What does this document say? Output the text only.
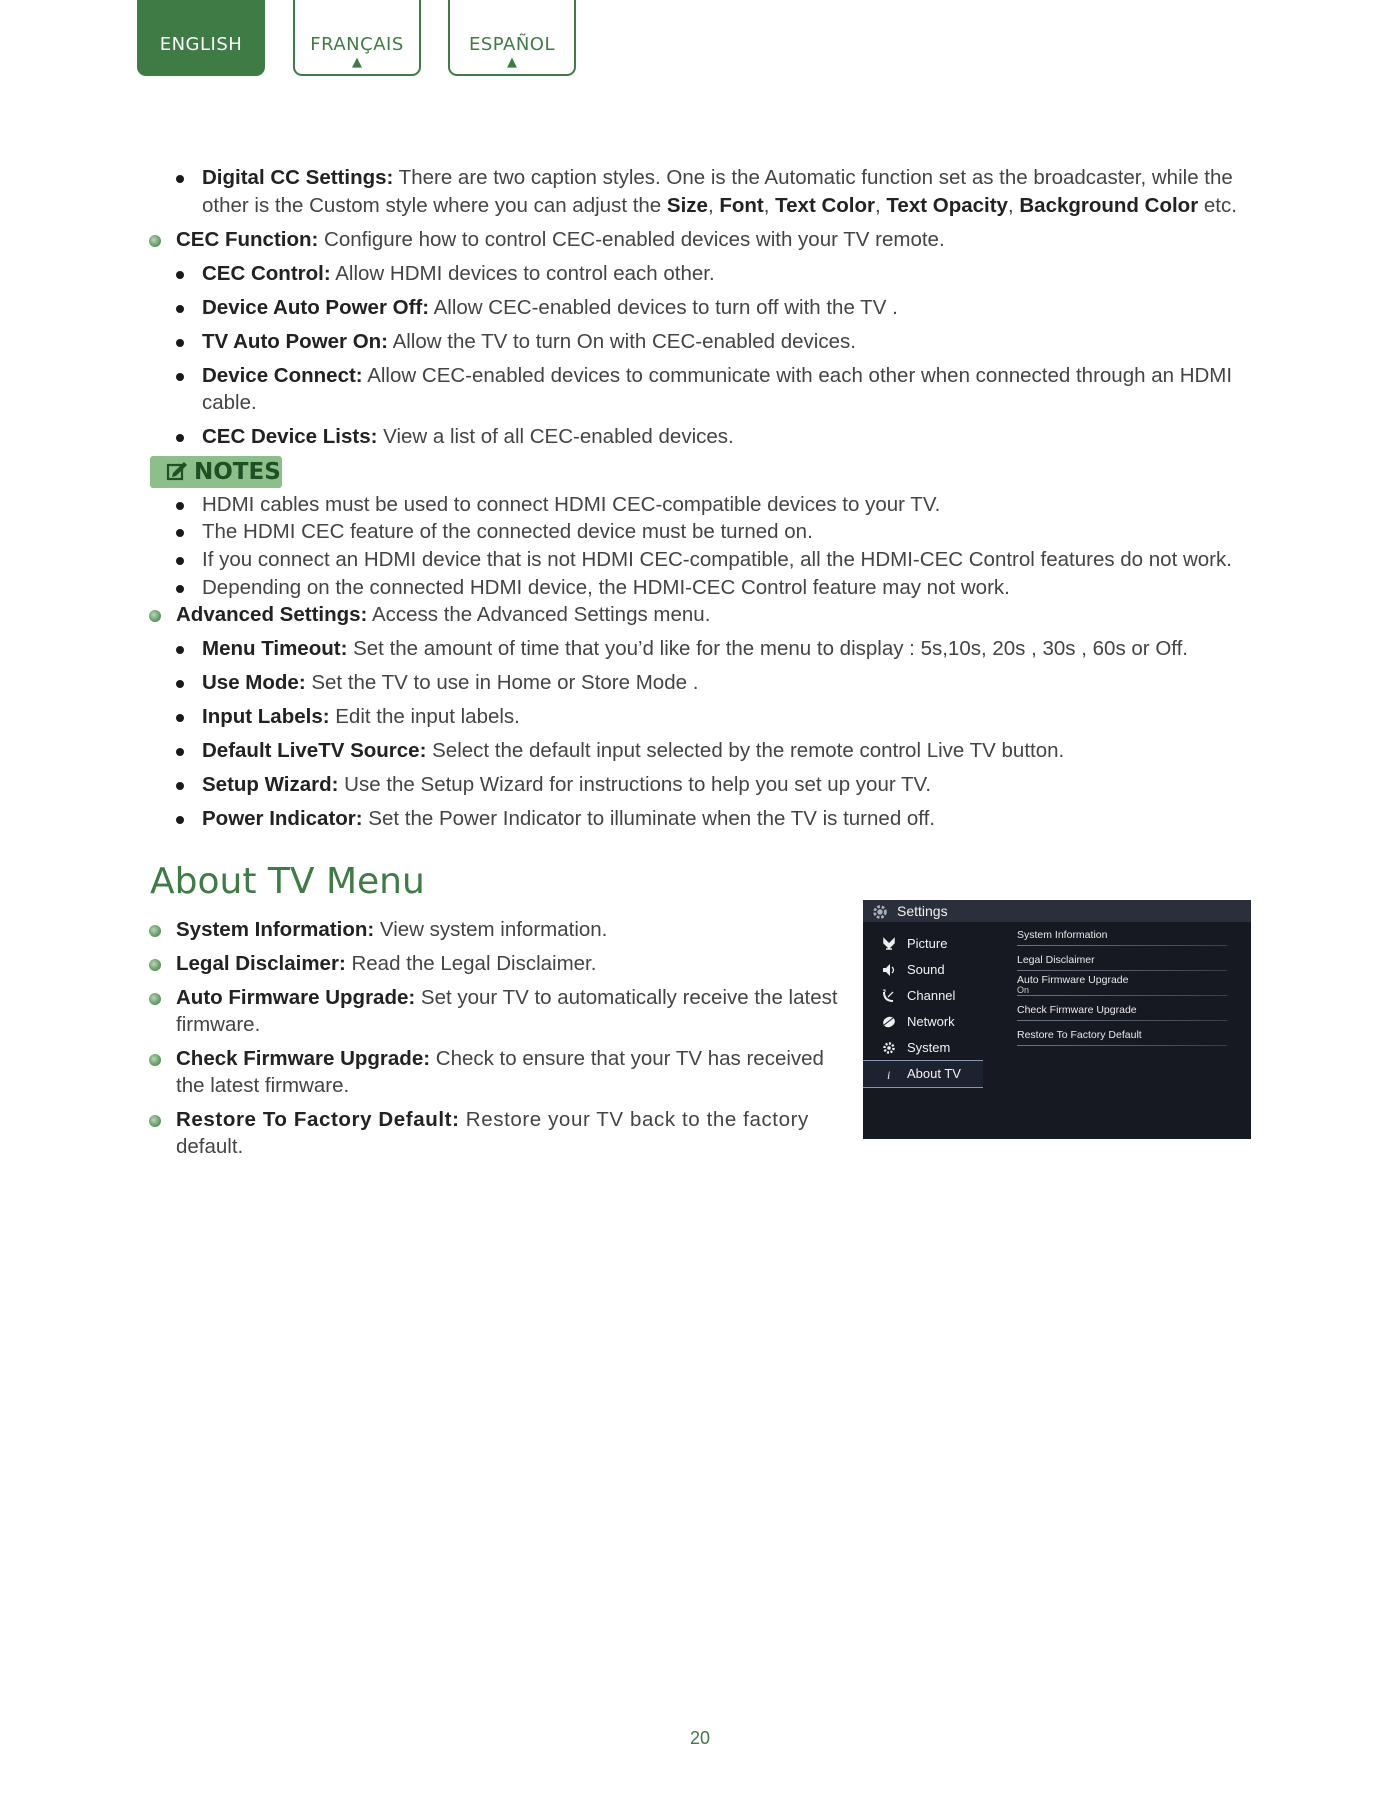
ENGLISH	FRANÇAIS
▲
ESPAÑOL
▲
Digital CC Settings: There are two caption styles. One is the Automatic function set as the broadcaster, while the
other is the Custom style where you can adjust the Size, Font, Text Color, Text Opacity, Background Color etc.
CEC Function: Configure how to control CEC-enabled devices with your TV remote.
CEC Control: Allow HDMI devices to control each other.
Device Auto Power Off: Allow CEC-enabled devices to turn off with the TV .
TV Auto Power On: Allow the TV to turn On with CEC-enabled devices.
Device Connect: Allow CEC-enabled devices to communicate with each other when connected through an HDMI
cable.
CEC Device Lists: View a list of all CEC-enabled devices.
NOTES
HDMI cables must be used to connect HDMI CEC-compatible devices to your TV.
The HDMI CEC feature of the connected device must be turned on.
If you connect an HDMI device that is not HDMI CEC-compatible, all the HDMI-CEC Control features do not work.
Depending on the connected HDMI device, the HDMI-CEC Control feature may not work.
Advanced Settings: Access the Advanced Settings menu.
Menu Timeout: Set the amount of time that you’d like for the menu to display : 5s,10s, 20s , 30s , 60s or Off.
Use Mode: Set the TV to use in Home or Store Mode .
Input Labels: Edit the input labels.
Default LiveTV Source: Select the default input selected by the remote control Live TV button.
Setup Wizard: Use the Setup Wizard for instructions to help you set up your TV.
Power Indicator: Set the Power Indicator to illuminate when the TV is turned off.
About TV Menu
System Information: View system information.
Legal Disclaimer: Read the Legal Disclaimer.
Auto Firmware Upgrade: Set your TV to automatically receive the latest
firmware.
Check Firmware Upgrade: Check to ensure that your TV has received
the latest firmware.
Restore To Factory Default: Restore your TV back to the factory
default.
Settings
Picture
Sound
Channel
Network
System
i About TV
System Information
Legal Disclaimer
Auto Firmware Upgrade
On
Check Firmware Upgrade
Restore To Factory Default
20
